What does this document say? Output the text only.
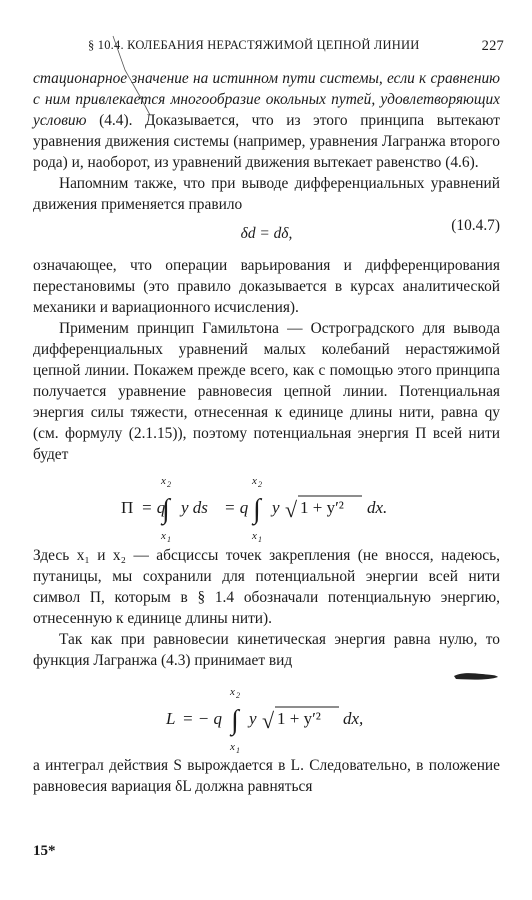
§ 10.4. КОЛЕБАНИЯ НЕРАСТЯЖИМОЙ ЦЕПНОЙ ЛИНИИ	227

стационарное значение на истинном пути системы, если к сравнению с ним привлекается многообразие окольных путей, удовлетворяющих условию (4.4). Доказывается, что из этого принципа вытекают уравнения движения системы (например, уравнения Лагранжа второго рода) и, наоборот, из уравнений движения вытекает равенство (4.6).

Напомним также, что при выводе дифференциальных уравнений движения применяется правило

δd = dδ,	(10.4.7)

означающее, что операции варьирования и дифференцирования перестановимы (это правило доказывается в курсах аналитической механики и вариационного исчисления).

Применим принцип Гамильтона — Остроградского для вывода дифференциальных уравнений малых колебаний нерастяжимой цепной линии. Покажем прежде всего, как с помощью этого принципа получается уравнение равновесия цепной линии. Потенциальная энергия силы тяжести, отнесенная к единице длины нити, равна qy (см. формулу (2.1.15)), поэтому потенциальная энергия П всей нити будет

П = q
x 2
∫
x 1
y ds = q
x 2
∫
x 1
y √ 1 + y′² dx.

Здесь x₁ и x₂ — абсциссы точек закрепления (не вносся, надеюсь, путаницы, мы сохранили для потенциальной энергии всей нити символ П, которым в § 1.4 обозначали потенциальную энергию, отнесенную к единице длины нити).

Так как при равновесии кинетическая энергия равна нулю, то функция Лагранжа (4.3) принимает вид

L = − q
x 2
∫
x 1
y √ 1 + y′² dx,

а интеграл действия S вырождается в L. Следовательно, в положение равновесия вариация δL должна равняться

15*
